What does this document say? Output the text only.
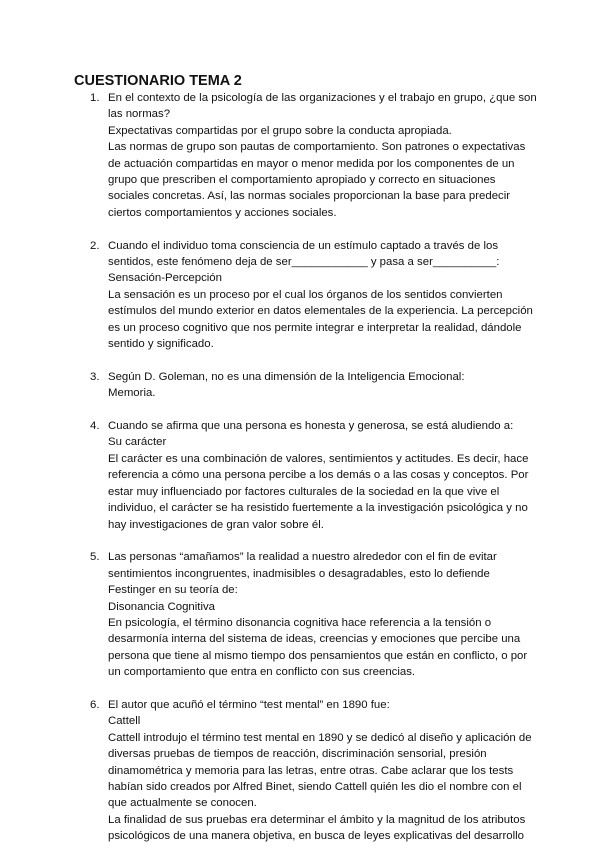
CUESTIONARIO TEMA 2
1. En el contexto de la psicología de las organizaciones y el trabajo en grupo, ¿que son
las normas?
Expectativas compartidas por el grupo sobre la conducta apropiada.
Las normas de grupo son pautas de comportamiento. Son patrones o expectativas
de actuación compartidas en mayor o menor medida por los componentes de un
grupo que prescriben el comportamiento apropiado y correcto en situaciones
sociales concretas. Así, las normas sociales proporcionan la base para predecir
ciertos comportamientos y acciones sociales.
2. Cuando el individuo toma consciencia de un estímulo captado a través de los
sentidos, este fenómeno deja de ser____________ y pasa a ser__________:
Sensación-Percepción
La sensación es un proceso por el cual los órganos de los sentidos convierten
estímulos del mundo exterior en datos elementales de la experiencia. La percepción
es un proceso cognitivo que nos permite integrar e interpretar la realidad, dándole
sentido y significado.
3. Según D. Goleman, no es una dimensión de la Inteligencia Emocional:
Memoria.
4. Cuando se afirma que una persona es honesta y generosa, se está aludiendo a:
Su carácter
El carácter es una combinación de valores, sentimientos y actitudes. Es decir, hace
referencia a cómo una persona percibe a los demás o a las cosas y conceptos. Por
estar muy influenciado por factores culturales de la sociedad en la que vive el
individuo, el carácter se ha resistido fuertemente a la investigación psicológica y no
hay investigaciones de gran valor sobre él.
5. Las personas “amañamos” la realidad a nuestro alrededor con el fin de evitar
sentimientos incongruentes, inadmisibles o desagradables, esto lo defiende
Festinger en su teoría de:
Disonancia Cognitiva
En psicología, el término disonancia cognitiva hace referencia a la tensión o
desarmonía interna del sistema de ideas, creencias y emociones que percibe una
persona que tiene al mismo tiempo dos pensamientos que están en conflicto, o por
un comportamiento que entra en conflicto con sus creencias.
6. El autor que acuñó el término “test mental” en 1890 fue:
Cattell
Cattell introdujo el término test mental en 1890 y se dedicó al diseño y aplicación de
diversas pruebas de tiempos de reacción, discriminación sensorial, presión
dinamométrica y memoria para las letras, entre otras. Cabe aclarar que los tests
habían sido creados por Alfred Binet, siendo Cattell quién les dio el nombre con el
que actualmente se conocen.
La finalidad de sus pruebas era determinar el ámbito y la magnitud de los atributos
psicológicos de una manera objetiva, en busca de leyes explicativas del desarrollo
